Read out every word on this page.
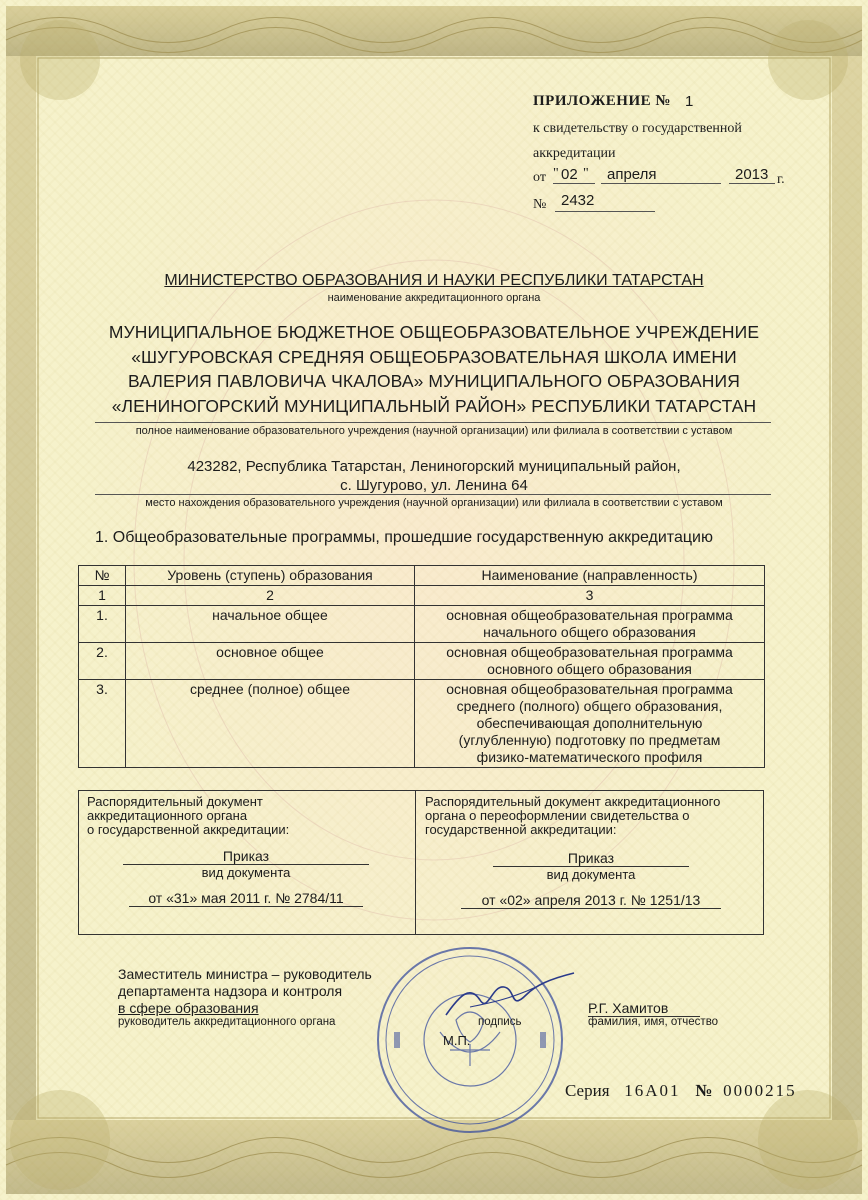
ПРИЛОЖЕНИЕ № 1
к свидетельству о государственной
аккредитации
от " 02 " апреля	2013 г.
№ 2432
МИНИСТЕРСТВО ОБРАЗОВАНИЯ И НАУКИ РЕСПУБЛИКИ ТАТАРСТАН
наименование аккредитационного органа
МУНИЦИПАЛЬНОЕ БЮДЖЕТНОЕ ОБЩЕОБРАЗОВАТЕЛЬНОЕ УЧРЕЖДЕНИЕ
«ШУГУРОВСКАЯ СРЕДНЯЯ ОБЩЕОБРАЗОВАТЕЛЬНАЯ ШКОЛА ИМЕНИ
ВАЛЕРИЯ ПАВЛОВИЧА ЧКАЛОВА» МУНИЦИПАЛЬНОГО ОБРАЗОВАНИЯ
«ЛЕНИНОГОРСКИЙ МУНИЦИПАЛЬНЫЙ РАЙОН» РЕСПУБЛИКИ ТАТАРСТАН
полное наименование образовательного учреждения (научной организации) или филиала в соответствии с уставом
423282, Республика Татарстан, Лениногорский муниципальный район,
с. Шугурово, ул. Ленина 64
место нахождения образовательного учреждения (научной организации) или филиала в соответствии с уставом
1. Общеобразовательные программы, прошедшие государственную аккредитацию
№	Уровень (ступень) образования	Наименование (направленность)
1	2	3
1.	начальное общее	основная общеобразовательная программа
начального общего образования

2.	основное общее	основная общеобразовательная программа
основного общего образования

3.	среднее (полное) общее	основная общеобразовательная программа
среднего (полного) общего образования,
обеспечивающая дополнительную
(углубленную) подготовку по предметам
физико-математического профиля
Распорядительный документ
аккредитационного органа
о государственной аккредитации:
Приказ
вид документа
от «31» мая 2011 г. № 2784/11
Распорядительный документ аккредитационного
органа о переоформлении свидетельства о
государственной аккредитации:
Приказ
вид документа
от «02» апреля 2013 г. № 1251/13
Заместитель министра – руководитель
департамента надзора и контроля
в сфере образования
руководитель аккредитационного органа	подпись
Р.Г. Хамитов
фамилия, имя, отчество
М.П.
Серия 16А01 № 0000215
